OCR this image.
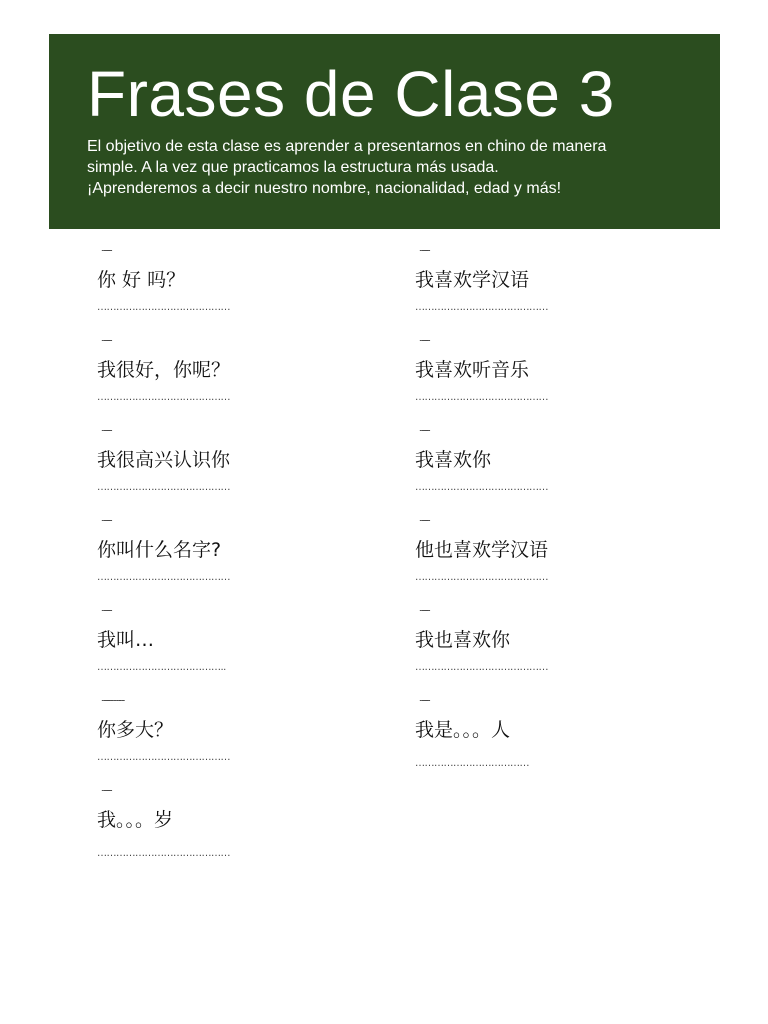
Frases de Clase 3

El objetivo de esta clase es aprender a presentarnos en chino de manera

simple. A la vez que practicamos la estructura más usada.

¡Aprenderemos a decir nuestro nombre, nacionalidad, edad y más!

..........
你 好 吗？
……………………………………
..........
我很好，你呢？
……………………………………
..........
我很高兴认识你
……………………………………
..........
你叫什么名字?
……………………………………
..........
我叫…
…………………………………..
......................
你多大？
……………………………………
..........
我。。。岁
……………………………………
..........
我喜欢学汉语
……………………………………
..........
我喜欢听音乐
……………………………………
..........
我喜欢你
……………………………………
..........
他也喜欢学汉语
……………………………………
..........
我也喜欢你
……………………………………
..........
我是。。。人
………………………………
